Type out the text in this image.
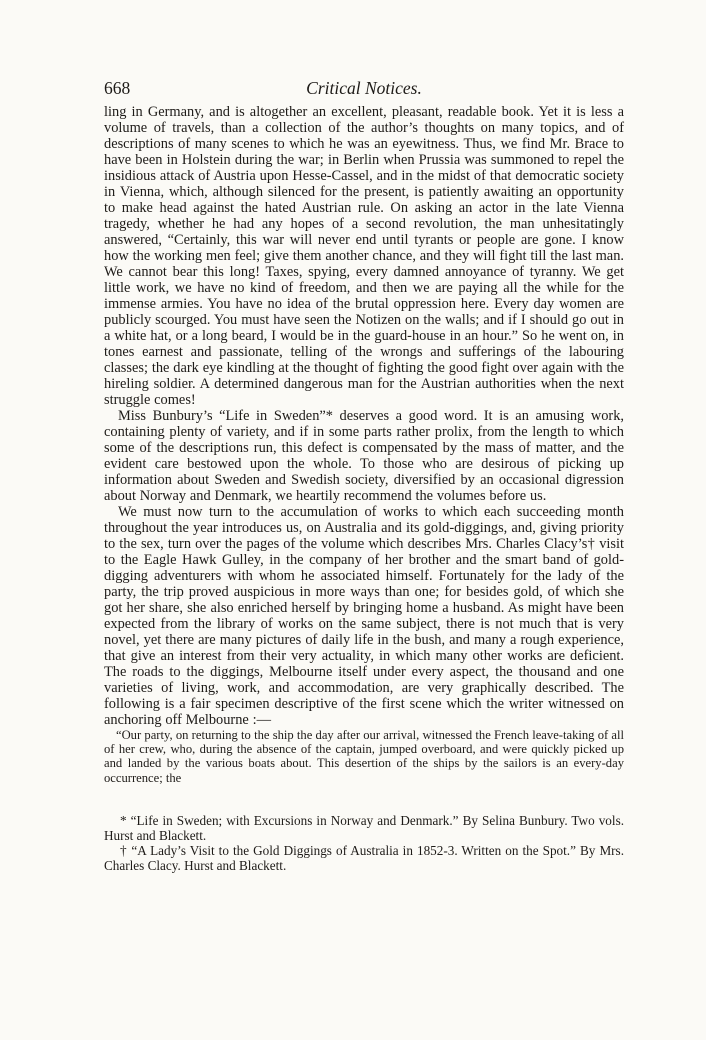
668	Critical Notices.

ling in Germany, and is altogether an excellent, pleasant, readable book. Yet it is less a volume of travels, than a collection of the author’s thoughts on many topics, and of descriptions of many scenes to which he was an eyewitness. Thus, we find Mr. Brace to have been in Holstein during the war; in Berlin when Prussia was summoned to repel the insidious attack of Austria upon Hesse-Cassel, and in the midst of that democratic society in Vienna, which, although silenced for the present, is patiently awaiting an opportunity to make head against the hated Austrian rule. On asking an actor in the late Vienna tragedy, whether he had any hopes of a second revolution, the man unhesitatingly answered, “Certainly, this war will never end until tyrants or people are gone. I know how the working men feel; give them another chance, and they will fight till the last man. We cannot bear this long! Taxes, spying, every damned annoyance of tyranny. We get little work, we have no kind of freedom, and then we are paying all the while for the immense armies. You have no idea of the brutal oppression here. Every day women are publicly scourged. You must have seen the Notizen on the walls; and if I should go out in a white hat, or a long beard, I would be in the guard-house in an hour.” So he went on, in tones earnest and passionate, telling of the wrongs and sufferings of the labouring classes; the dark eye kindling at the thought of fighting the good fight over again with the hireling soldier. A determined dangerous man for the Austrian authorities when the next struggle comes!

Miss Bunbury’s “Life in Sweden”* deserves a good word. It is an amusing work, containing plenty of variety, and if in some parts rather prolix, from the length to which some of the descriptions run, this defect is compensated by the mass of matter, and the evident care bestowed upon the whole. To those who are desirous of picking up information about Sweden and Swedish society, diversified by an occasional digression about Norway and Denmark, we heartily recommend the volumes before us.

We must now turn to the accumulation of works to which each succeeding month throughout the year introduces us, on Australia and its gold-diggings, and, giving priority to the sex, turn over the pages of the volume which describes Mrs. Charles Clacy’s† visit to the Eagle Hawk Gulley, in the company of her brother and the smart band of gold-digging adventurers with whom he associated himself. Fortunately for the lady of the party, the trip proved auspicious in more ways than one; for besides gold, of which she got her share, she also enriched herself by bringing home a husband. As might have been expected from the library of works on the same subject, there is not much that is very novel, yet there are many pictures of daily life in the bush, and many a rough experience, that give an interest from their very actuality, in which many other works are deficient. The roads to the diggings, Melbourne itself under every aspect, the thousand and one varieties of living, work, and accommodation, are very graphically described. The following is a fair specimen descriptive of the first scene which the writer witnessed on anchoring off Melbourne :—

“Our party, on returning to the ship the day after our arrival, witnessed the French leave-taking of all of her crew, who, during the absence of the captain, jumped overboard, and were quickly picked up and landed by the various boats about. This desertion of the ships by the sailors is an every-day occurrence; the

* “Life in Sweden; with Excursions in Norway and Denmark.” By Selina Bunbury. Two vols. Hurst and Blackett.

† “A Lady’s Visit to the Gold Diggings of Australia in 1852-3. Written on the Spot.” By Mrs. Charles Clacy. Hurst and Blackett.
